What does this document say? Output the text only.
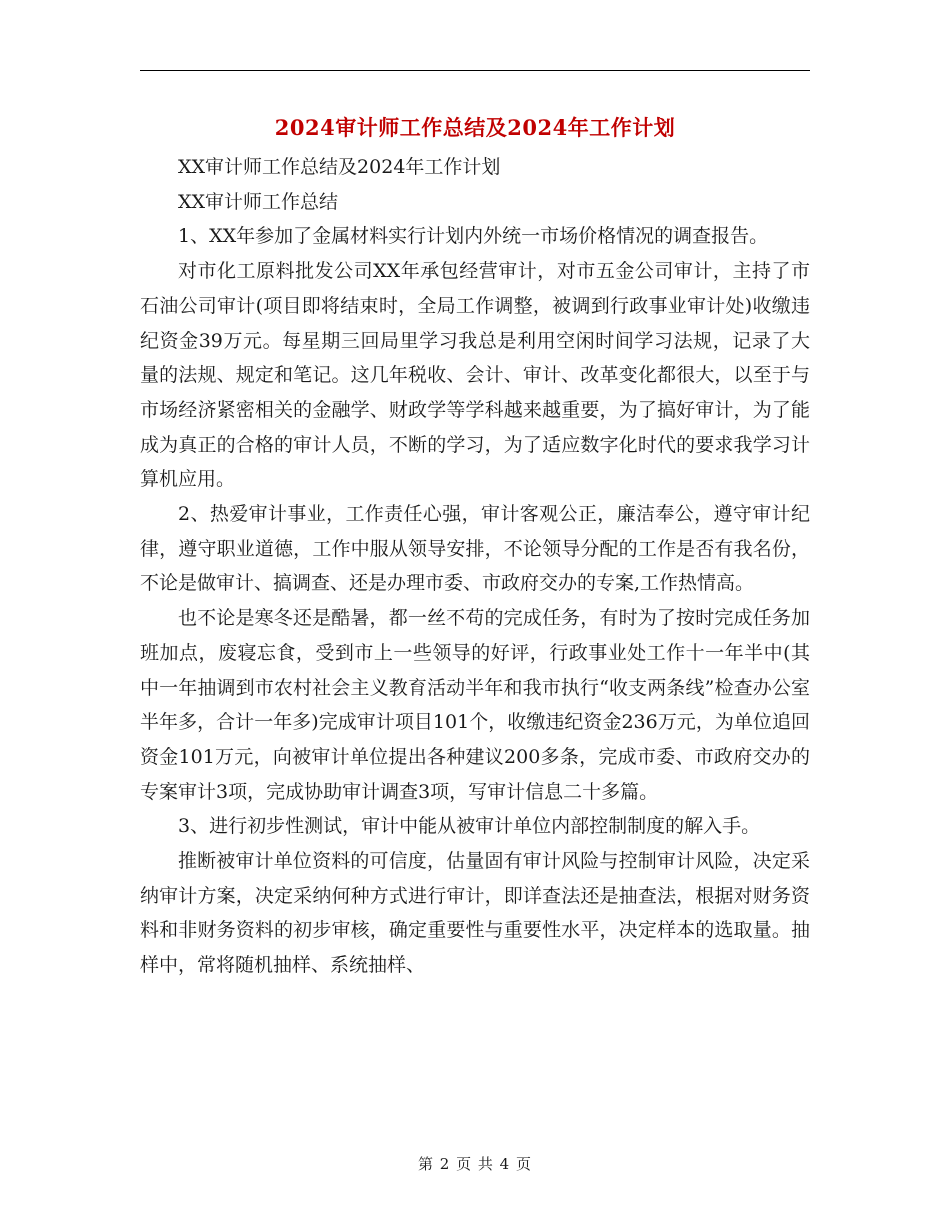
2024审计师工作总结及2024年工作计划

XX审计师工作总结及2024年工作计划

XX审计师工作总结

1、XX年参加了金属材料实行计划内外统一市场价格情况的调查报告。

对市化工原料批发公司XX年承包经营审计，对市五金公司审计，主持了市石油公司审计(项目即将结束时，全局工作调整，被调到行政事业审计处)收缴违纪资金39万元。每星期三回局里学习我总是利用空闲时间学习法规，记录了大量的法规、规定和笔记。这几年税收、会计、审计、改革变化都很大，以至于与市场经济紧密相关的金融学、财政学等学科越来越重要，为了搞好审计，为了能成为真正的合格的审计人员，不断的学习，为了适应数字化时代的要求我学习计算机应用。

2、热爱审计事业，工作责任心强，审计客观公正，廉洁奉公，遵守审计纪律，遵守职业道德，工作中服从领导安排，不论领导分配的工作是否有我名份，不论是做审计、搞调查、还是办理市委、市政府交办的专案,工作热情高。

也不论是寒冬还是酷暑，都一丝不苟的完成任务，有时为了按时完成任务加班加点，废寝忘食，受到市上一些领导的好评，行政事业处工作十一年半中(其中一年抽调到市农村社会主义教育活动半年和我市执行“收支两条线”检查办公室半年多，合计一年多)完成审计项目101个，收缴违纪资金236万元，为单位追回资金101万元，向被审计单位提出各种建议200多条，完成市委、市政府交办的专案审计3项，完成协助审计调查3项，写审计信息二十多篇。

3、进行初步性测试，审计中能从被审计单位内部控制制度的解入手。

推断被审计单位资料的可信度，估量固有审计风险与控制审计风险，决定采纳审计方案，决定采纳何种方式进行审计，即详查法还是抽查法，根据对财务资料和非财务资料的初步审核，确定重要性与重要性水平，决定样本的选取量。抽样中，常将随机抽样、系统抽样、

第 2 页 共 4 页
